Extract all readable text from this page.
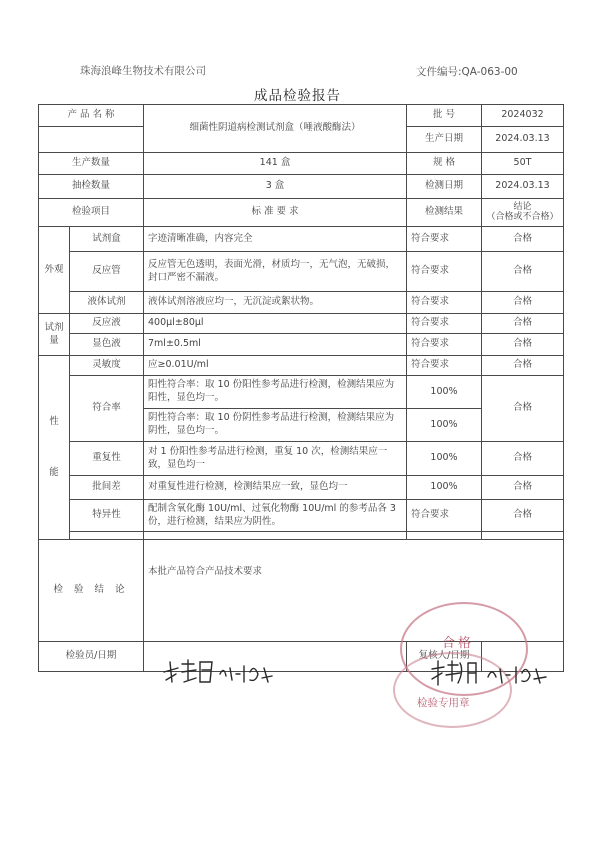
珠海浪峰生物技术有限公司	文件编号:QA-063-00
成品检验报告
产 品 名 称		细菌性阴道病检测试剂盒（唾液酸酶法）	批 号	2024032
			生产日期	2024.03.13
生产数量		141 盒	规 格	50T
抽检数量		3 盒	检测日期	2024.03.13
检验项目		标 准 要 求	检测结果	结论
（合格或不合格）

外观	试剂盒	字迹清晰准确，内容完全	符合要求	合格
	反应管	反应管无色透明，表面光滑，材质均一，无气泡，无破损，封口严密不漏液。	符合要求	合格
	液体试剂	液体试剂溶液应均一，无沉淀或絮状物。	符合要求	合格
试剂量	反应液	400μl±80μl	符合要求	合格
	显色液	7ml±0.5ml	符合要求	合格

性
能	灵敏度	应≥0.01U/ml	符合要求	合格
	符合率	阳性符合率：取 10 份阳性参考品进行检测，检测结果应为阳性，显色均一。	100%	合格
		阴性符合率：取 10 份阴性参考品进行检测，检测结果应为阴性，显色均一。	100%	
	重复性	对 1 份阳性参考品进行检测，重复 10 次，检测结果应一致，显色均一	100%	合格
	批间差	对重复性进行检测，检测结果应一致，显色均一	100%	合格
	特异性	配制含氧化酶 10U/ml、过氧化物酶 10U/ml 的参考品各 3 份，进行检测，结果应为阴性。	符合要求	合格

检 验 结 论		本批产品符合产品技术要求		
检验员/日期			复核人/日期	
合格
检验专用章
